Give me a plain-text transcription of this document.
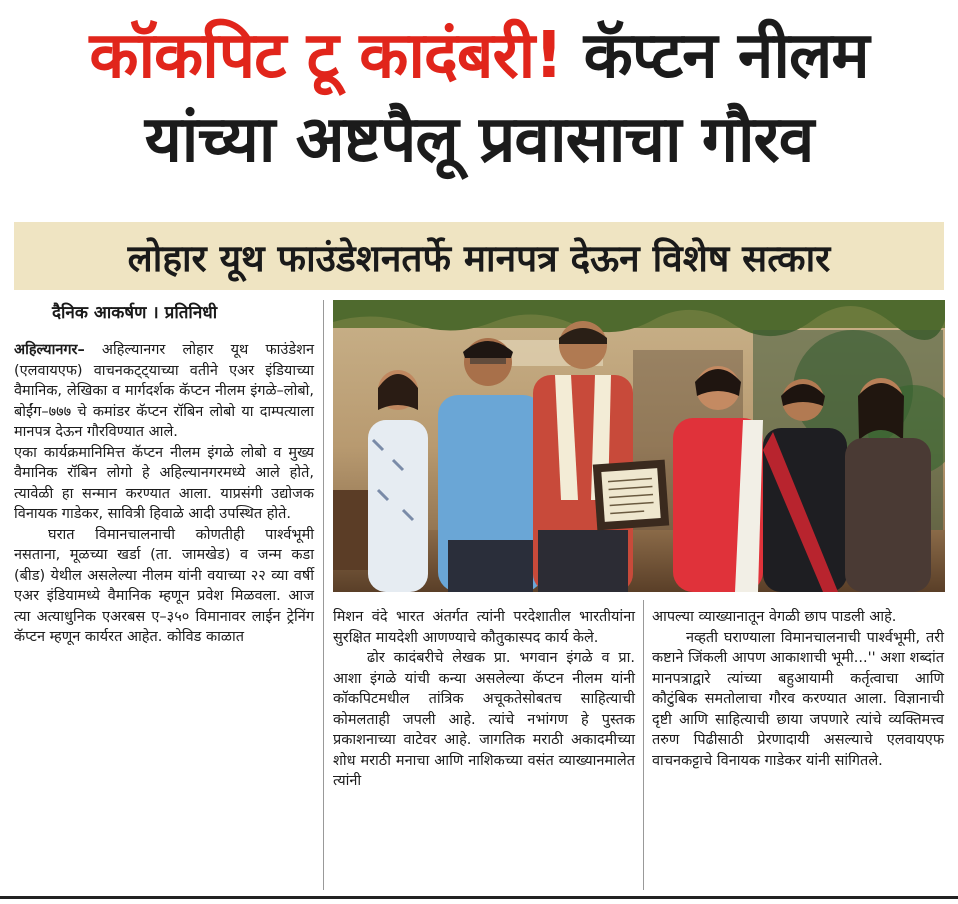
कॉकपिट टू कादंबरी! कॅप्टन नीलम
यांच्या अष्टपैलू प्रवासाचा गौरव
लोहार यूथ फाउंडेशनतर्फे मानपत्र देऊन विशेष सत्कार
दैनिक आकर्षण । प्रतिनिधी

अहिल्यानगर– अहिल्यानगर लोहार यूथ फाउंडेशन (एलवायएफ) वाचनकट्ट्याच्या वतीने एअर इंडियाच्या वैमानिक, लेखिका व मार्गदर्शक कॅप्टन नीलम इंगळे–लोबो, बोईंग–७७७ चे कमांडर कॅप्टन रॉबिन लोबो या दाम्पत्याला मानपत्र देऊन गौरविण्यात आले.

एका कार्यक्रमानिमित्त कॅप्टन नीलम इंगळे लोबो व मुख्य वैमानिक रॉबिन लोगो हे अहिल्यानगरमध्ये आले होते, त्यावेळी हा सन्मान करण्यात आला. याप्रसंगी उद्योजक विनायक गाडेकर, सावित्री हिवाळे आदी उपस्थित होते.

घरात विमानचालनाची कोणतीही पार्श्वभूमी नसताना, मूळच्या खर्डा (ता. जामखेड) व जन्म कडा (बीड) येथील असलेल्या नीलम यांनी वयाच्या २२ व्या वर्षी एअर इंडियामध्ये वैमानिक म्हणून प्रवेश मिळवला. आज त्या अत्याधुनिक एअरबस ए–३५० विमानावर लाईन ट्रेनिंग कॅप्टन म्हणून कार्यरत आहेत. कोविड काळात

मिशन वंदे भारत अंतर्गत त्यांनी परदेशातील भारतीयांना सुरक्षित मायदेशी आणण्याचे कौतुकास्पद कार्य केले.

ढोर कादंबरीचे लेखक प्रा. भगवान इंगळे व प्रा. आशा इंगळे यांची कन्या असलेल्या कॅप्टन नीलम यांनी कॉकपिटमधील तांत्रिक अचूकतेसोबतच साहित्याची कोमलताही जपली आहे. त्यांचे नभांगण हे पुस्तक प्रकाशनाच्या वाटेवर आहे. जागतिक मराठी अकादमीच्या शोध मराठी मनाचा आणि नाशिकच्या वसंत व्याख्यानमालेत त्यांनी

आपल्या व्याख्यानातून वेगळी छाप पाडली आहे.

नव्हती घराण्याला विमानचालनाची पार्श्वभूमी, तरी कष्टाने जिंकली आपण आकाशाची भूमी...'' अशा शब्दांत मानपत्राद्वारे त्यांच्या बहुआयामी कर्तृत्वाचा आणि कौटुंबिक समतोलाचा गौरव करण्यात आला. विज्ञानाची दृष्टी आणि साहित्याची छाया जपणारे त्यांचे व्यक्तिमत्त्व तरुण पिढीसाठी प्रेरणादायी असल्याचे एलवायएफ वाचनकट्टाचे विनायक गाडेकर यांनी सांगितले.
